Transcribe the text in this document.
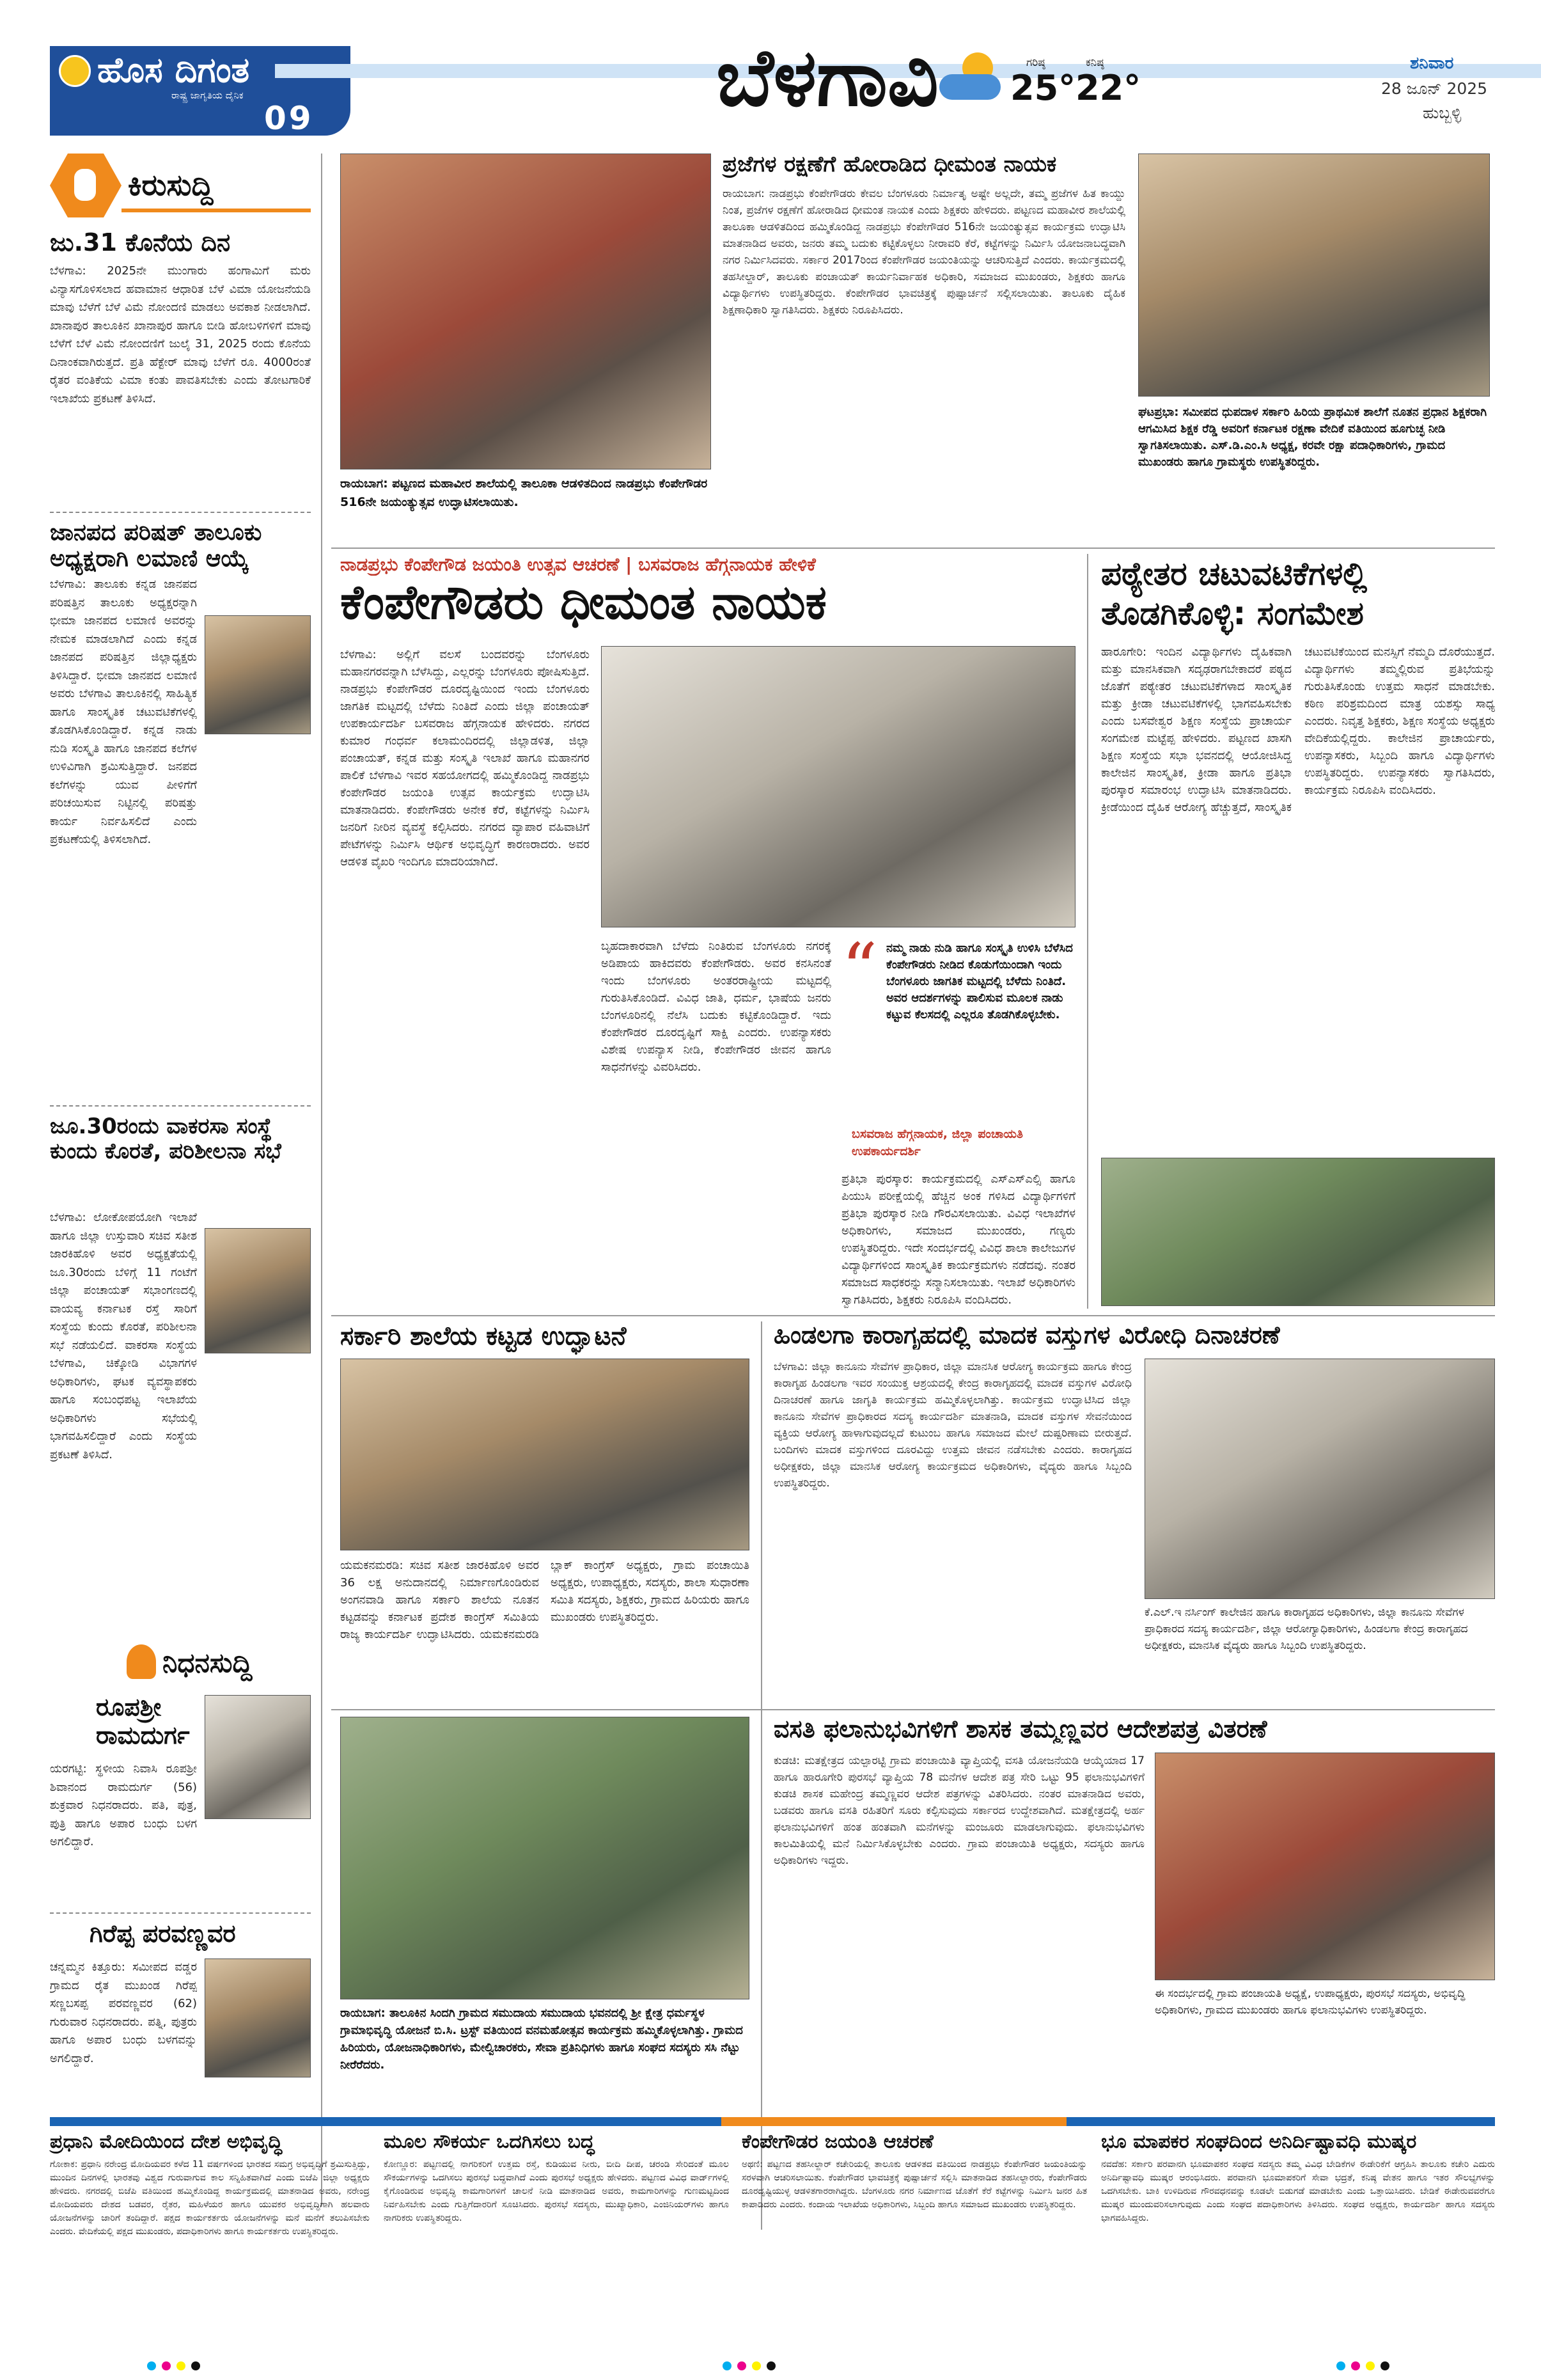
ಹೊಸ ದಿಗಂತ
ರಾಷ್ಟ್ರ ಜಾಗೃತಿಯ ದೈನಿಕ
09	ಬೆಳಗಾವಿ	ಗರಿಷ್ಠ
25°
ಕನಿಷ್ಠ
22°
ಶನಿವಾರ
28 ಜೂನ್ 2025
ಹುಬ್ಬಳ್ಳಿ
ಕಿರುಸುದ್ದಿ
ಜು.31 ಕೊನೆಯ ದಿನ
ಬೆಳಗಾವಿ: 2025ನೇ ಮುಂಗಾರು ಹಂಗಾಮಿಗೆ ಮರು ವಿನ್ಯಾಸಗೊಳಿಸಲಾದ ಹವಾಮಾನ ಆಧಾರಿತ ಬೆಳೆ ವಿಮಾ ಯೋಜನೆಯಡಿ ಮಾವು ಬೆಳೆಗೆ ಬೆಳೆ ವಿಮೆ ನೋಂದಣಿ ಮಾಡಲು ಅವಕಾಶ ನೀಡಲಾಗಿದೆ. ಖಾನಾಪುರ ತಾಲೂಕಿನ ಖಾನಾಪುರ ಹಾಗೂ ಬೀಡಿ ಹೋಬಳಿಗಳಿಗೆ ಮಾವು ಬೆಳೆಗೆ ಬೆಳೆ ವಿಮೆ ನೋಂದಣಿಗೆ ಜುಲೈ 31, 2025 ರಂದು ಕೊನೆಯ ದಿನಾಂಕವಾಗಿರುತ್ತದೆ. ಪ್ರತಿ ಹೆಕ್ಟೇರ್ ಮಾವು ಬೆಳೆಗೆ ರೂ. 4000ರಂತೆ ರೈತರ ವಂತಿಕೆಯ ವಿಮಾ ಕಂತು ಪಾವತಿಸಬೇಕು ಎಂದು ತೋಟಗಾರಿಕೆ ಇಲಾಖೆಯ ಪ್ರಕಟಣೆ ತಿಳಿಸಿದೆ.
ಜಾನಪದ ಪರಿಷತ್ ತಾಲೂಕು ಅಧ್ಯಕ್ಷರಾಗಿ ಲಮಾಣಿ ಆಯ್ಕೆ
ಬೆಳಗಾವಿ: ತಾಲೂಕು ಕನ್ನಡ ಜಾನಪದ ಪರಿಷತ್ತಿನ ತಾಲೂಕು ಅಧ್ಯಕ್ಷರನ್ನಾಗಿ ಭೀಮಾ ಜಾನಪದ ಲಮಾಣಿ ಅವರನ್ನು ನೇಮಕ ಮಾಡಲಾಗಿದೆ ಎಂದು ಕನ್ನಡ ಜಾನಪದ ಪರಿಷತ್ತಿನ ಜಿಲ್ಲಾಧ್ಯಕ್ಷರು ತಿಳಿಸಿದ್ದಾರೆ. ಭೀಮಾ ಜಾನಪದ ಲಮಾಣಿ ಅವರು ಬೆಳಗಾವಿ ತಾಲೂಕಿನಲ್ಲಿ ಸಾಹಿತ್ಯಿಕ ಹಾಗೂ ಸಾಂಸ್ಕೃತಿಕ ಚಟುವಟಿಕೆಗಳಲ್ಲಿ ತೊಡಗಿಸಿಕೊಂಡಿದ್ದಾರೆ. ಕನ್ನಡ ನಾಡು ನುಡಿ ಸಂಸ್ಕೃತಿ ಹಾಗೂ ಜಾನಪದ ಕಲೆಗಳ ಉಳಿವಿಗಾಗಿ ಶ್ರಮಿಸುತ್ತಿದ್ದಾರೆ. ಜನಪದ ಕಲೆಗಳನ್ನು ಯುವ ಪೀಳಿಗೆಗೆ ಪರಿಚಯಿಸುವ ನಿಟ್ಟಿನಲ್ಲಿ ಪರಿಷತ್ತು ಕಾರ್ಯ ನಿರ್ವಹಿಸಲಿದೆ ಎಂದು ಪ್ರಕಟಣೆಯಲ್ಲಿ ತಿಳಿಸಲಾಗಿದೆ.
ಜೂ.30ರಂದು ವಾಕರಸಾ ಸಂಸ್ಥೆ ಕುಂದು ಕೊರತೆ, ಪರಿಶೀಲನಾ ಸಭೆ
ಬೆಳಗಾವಿ: ಲೋಕೋಪಯೋಗಿ ಇಲಾಖೆ ಹಾಗೂ ಜಿಲ್ಲಾ ಉಸ್ತುವಾರಿ ಸಚಿವ ಸತೀಶ ಜಾರಕಿಹೊಳಿ ಅವರ ಅಧ್ಯಕ್ಷತೆಯಲ್ಲಿ ಜೂ.30ರಂದು ಬೆಳಿಗ್ಗೆ 11 ಗಂಟೆಗೆ ಜಿಲ್ಲಾ ಪಂಚಾಯತ್ ಸಭಾಂಗಣದಲ್ಲಿ ವಾಯವ್ಯ ಕರ್ನಾಟಕ ರಸ್ತೆ ಸಾರಿಗೆ ಸಂಸ್ಥೆಯ ಕುಂದು ಕೊರತೆ, ಪರಿಶೀಲನಾ ಸಭೆ ನಡೆಯಲಿದೆ. ವಾಕರಸಾ ಸಂಸ್ಥೆಯ ಬೆಳಗಾವಿ, ಚಿಕ್ಕೋಡಿ ವಿಭಾಗಗಳ ಅಧಿಕಾರಿಗಳು, ಘಟಕ ವ್ಯವಸ್ಥಾಪಕರು ಹಾಗೂ ಸಂಬಂಧಪಟ್ಟ ಇಲಾಖೆಯ ಅಧಿಕಾರಿಗಳು ಸಭೆಯಲ್ಲಿ ಭಾಗವಹಿಸಲಿದ್ದಾರೆ ಎಂದು ಸಂಸ್ಥೆಯ ಪ್ರಕಟಣೆ ತಿಳಿಸಿದೆ.
ನಿಧನಸುದ್ದಿ
ರೂಪಶ್ರೀ ರಾಮದುರ್ಗ
ಯರಗಟ್ಟಿ: ಸ್ಥಳೀಯ ನಿವಾಸಿ ರೂಪಶ್ರೀ ಶಿವಾನಂದ ರಾಮದುರ್ಗ (56) ಶುಕ್ರವಾರ ನಿಧನರಾದರು. ಪತಿ, ಪುತ್ರ, ಪುತ್ರಿ ಹಾಗೂ ಅಪಾರ ಬಂಧು ಬಳಗ ಅಗಲಿದ್ದಾರೆ.
ಗಿರೆಪ್ಪ ಪರವಣ್ಣವರ
ಚನ್ನಮ್ಮನ ಕಿತ್ತೂರು: ಸಮೀಪದ ವಡ್ಡರ ಗ್ರಾಮದ ರೈತ ಮುಖಂಡ ಗಿರೆಪ್ಪ ಸಣ್ಣಬಸಪ್ಪ ಪರವಣ್ಣವರ (62) ಗುರುವಾರ ನಿಧನರಾದರು. ಪತ್ನಿ, ಪುತ್ರರು ಹಾಗೂ ಅಪಾರ ಬಂಧು ಬಳಗವನ್ನು ಅಗಲಿದ್ದಾರೆ.
ರಾಯಬಾಗ: ಪಟ್ಟಣದ ಮಹಾವೀರ ಶಾಲೆಯಲ್ಲಿ ತಾಲೂಕಾ ಆಡಳಿತದಿಂದ ನಾಡಪ್ರಭು ಕೆಂಪೇಗೌಡರ 516ನೇ ಜಯಂತ್ಯುತ್ಸವ ಉದ್ಘಾಟಿಸಲಾಯಿತು.
ಪ್ರಜೆಗಳ ರಕ್ಷಣೆಗೆ ಹೋರಾಡಿದ ಧೀಮಂತ ನಾಯಕ
ರಾಯಬಾಗ: ನಾಡಪ್ರಭು ಕೆಂಪೇಗೌಡರು ಕೇವಲ ಬೆಂಗಳೂರು ನಿರ್ಮಾತೃ ಅಷ್ಟೇ ಅಲ್ಲದೇ, ತಮ್ಮ ಪ್ರಜೆಗಳ ಹಿತ ಕಾಯ್ದು ನಿಂತ, ಪ್ರಜೆಗಳ ರಕ್ಷಣೆಗೆ ಹೋರಾಡಿದ ಧೀಮಂತ ನಾಯಕ ಎಂದು ಶಿಕ್ಷಕರು ಹೇಳಿದರು. ಪಟ್ಟಣದ ಮಹಾವೀರ ಶಾಲೆಯಲ್ಲಿ ತಾಲೂಕಾ ಆಡಳಿತದಿಂದ ಹಮ್ಮಿಕೊಂಡಿದ್ದ ನಾಡಪ್ರಭು ಕೆಂಪೇಗೌಡರ 516ನೇ ಜಯಂತ್ಯುತ್ಸವ ಕಾರ್ಯಕ್ರಮ ಉದ್ಘಾಟಿಸಿ ಮಾತನಾಡಿದ ಅವರು, ಜನರು ತಮ್ಮ ಬದುಕು ಕಟ್ಟಿಕೊಳ್ಳಲು ನೀರಾವರಿ ಕೆರೆ, ಕಟ್ಟೆಗಳನ್ನು ನಿರ್ಮಿಸಿ ಯೋಜನಾಬದ್ಧವಾಗಿ ನಗರ ನಿರ್ಮಿಸಿದವರು. ಸರ್ಕಾರ 2017ರಿಂದ ಕೆಂಪೇಗೌಡರ ಜಯಂತಿಯನ್ನು ಆಚರಿಸುತ್ತಿದೆ ಎಂದರು. ಕಾರ್ಯಕ್ರಮದಲ್ಲಿ ತಹಸೀಲ್ದಾರ್, ತಾಲೂಕು ಪಂಚಾಯತ್ ಕಾರ್ಯನಿರ್ವಾಹಕ ಅಧಿಕಾರಿ, ಸಮಾಜದ ಮುಖಂಡರು, ಶಿಕ್ಷಕರು ಹಾಗೂ ವಿದ್ಯಾರ್ಥಿಗಳು ಉಪಸ್ಥಿತರಿದ್ದರು. ಕೆಂಪೇಗೌಡರ ಭಾವಚಿತ್ರಕ್ಕೆ ಪುಷ್ಪಾರ್ಚನೆ ಸಲ್ಲಿಸಲಾಯಿತು. ತಾಲೂಕು ದೈಹಿಕ ಶಿಕ್ಷಣಾಧಿಕಾರಿ ಸ್ವಾಗತಿಸಿದರು. ಶಿಕ್ಷಕರು ನಿರೂಪಿಸಿದರು.
ಘಟಪ್ರಭಾ: ಸಮೀಪದ ಧುಪದಾಳ ಸರ್ಕಾರಿ ಹಿರಿಯ ಪ್ರಾಥಮಿಕ ಶಾಲೆಗೆ ನೂತನ ಪ್ರಧಾನ ಶಿಕ್ಷಕರಾಗಿ ಆಗಮಿಸಿದ ಶಿಕ್ಷಕ ರೆಡ್ಡಿ ಅವರಿಗೆ ಕರ್ನಾಟಕ ರಕ್ಷಣಾ ವೇದಿಕೆ ವತಿಯಿಂದ ಹೂಗುಚ್ಛ ನೀಡಿ ಸ್ವಾಗತಿಸಲಾಯಿತು. ಎಸ್.ಡಿ.ಎಂ.ಸಿ ಅಧ್ಯಕ್ಷ, ಕರವೇ ರಕ್ಷಾ ಪದಾಧಿಕಾರಿಗಳು, ಗ್ರಾಮದ ಮುಖಂಡರು ಹಾಗೂ ಗ್ರಾಮಸ್ಥರು ಉಪಸ್ಥಿತರಿದ್ದರು.
ನಾಡಪ್ರಭು ಕೆಂಪೇಗೌಡ ಜಯಂತಿ ಉತ್ಸವ ಆಚರಣೆ | ಬಸವರಾಜ ಹೆಗ್ಗನಾಯಕ ಹೇಳಿಕೆ
ಕೆಂಪೇಗೌಡರು ಧೀಮಂತ ನಾಯಕ
ಬೆಳಗಾವಿ: ಅಲ್ಲಿಗೆ ವಲಸೆ ಬಂದವರನ್ನು ಬೆಂಗಳೂರು ಮಹಾನಗರವನ್ನಾಗಿ ಬೆಳೆಸಿದ್ದು, ಎಲ್ಲರನ್ನು ಬೆಂಗಳೂರು ಪೋಷಿಸುತ್ತಿದೆ. ನಾಡಪ್ರಭು ಕೆಂಪೇಗೌಡರ ದೂರದೃಷ್ಟಿಯಿಂದ ಇಂದು ಬೆಂಗಳೂರು ಜಾಗತಿಕ ಮಟ್ಟದಲ್ಲಿ ಬೆಳೆದು ನಿಂತಿದೆ ಎಂದು ಜಿಲ್ಲಾ ಪಂಚಾಯತ್ ಉಪಕಾರ್ಯದರ್ಶಿ ಬಸವರಾಜ ಹೆಗ್ಗನಾಯಕ ಹೇಳಿದರು. ನಗರದ ಕುಮಾರ ಗಂಧರ್ವ ಕಲಾಮಂದಿರದಲ್ಲಿ ಜಿಲ್ಲಾಡಳಿತ, ಜಿಲ್ಲಾ ಪಂಚಾಯತ್, ಕನ್ನಡ ಮತ್ತು ಸಂಸ್ಕೃತಿ ಇಲಾಖೆ ಹಾಗೂ ಮಹಾನಗರ ಪಾಲಿಕೆ ಬೆಳಗಾವಿ ಇವರ ಸಹಯೋಗದಲ್ಲಿ ಹಮ್ಮಿಕೊಂಡಿದ್ದ ನಾಡಪ್ರಭು ಕೆಂಪೇಗೌಡರ ಜಯಂತಿ ಉತ್ಸವ ಕಾರ್ಯಕ್ರಮ ಉದ್ಘಾಟಿಸಿ ಮಾತನಾಡಿದರು. ಕೆಂಪೇಗೌಡರು ಅನೇಕ ಕೆರೆ, ಕಟ್ಟೆಗಳನ್ನು ನಿರ್ಮಿಸಿ ಜನರಿಗೆ ನೀರಿನ ವ್ಯವಸ್ಥೆ ಕಲ್ಪಿಸಿದರು. ನಗರದ ವ್ಯಾಪಾರ ವಹಿವಾಟಿಗೆ ಪೇಟೆಗಳನ್ನು ನಿರ್ಮಿಸಿ ಆರ್ಥಿಕ ಅಭಿವೃದ್ಧಿಗೆ ಕಾರಣರಾದರು. ಅವರ ಆಡಳಿತ ವೈಖರಿ ಇಂದಿಗೂ ಮಾದರಿಯಾಗಿದೆ.
ಬೃಹದಾಕಾರವಾಗಿ ಬೆಳೆದು ನಿಂತಿರುವ ಬೆಂಗಳೂರು ನಗರಕ್ಕೆ ಅಡಿಪಾಯ ಹಾಕಿದವರು ಕೆಂಪೇಗೌಡರು. ಅವರ ಕನಸಿನಂತೆ ಇಂದು ಬೆಂಗಳೂರು ಅಂತರರಾಷ್ಟ್ರೀಯ ಮಟ್ಟದಲ್ಲಿ ಗುರುತಿಸಿಕೊಂಡಿದೆ. ವಿವಿಧ ಜಾತಿ, ಧರ್ಮ, ಭಾಷೆಯ ಜನರು ಬೆಂಗಳೂರಿನಲ್ಲಿ ನೆಲೆಸಿ ಬದುಕು ಕಟ್ಟಿಕೊಂಡಿದ್ದಾರೆ. ಇದು ಕೆಂಪೇಗೌಡರ ದೂರದೃಷ್ಟಿಗೆ ಸಾಕ್ಷಿ ಎಂದರು. ಉಪನ್ಯಾಸಕರು ವಿಶೇಷ ಉಪನ್ಯಾಸ ನೀಡಿ, ಕೆಂಪೇಗೌಡರ ಜೀವನ ಹಾಗೂ ಸಾಧನೆಗಳನ್ನು ವಿವರಿಸಿದರು.
“ ನಮ್ಮ ನಾಡು ನುಡಿ ಹಾಗೂ ಸಂಸ್ಕೃತಿ ಉಳಿಸಿ ಬೆಳೆಸಿದ ಕೆಂಪೇಗೌಡರು ನೀಡಿದ ಕೊಡುಗೆಯಿಂದಾಗಿ ಇಂದು ಬೆಂಗಳೂರು ಜಾಗತಿಕ ಮಟ್ಟದಲ್ಲಿ ಬೆಳೆದು ನಿಂತಿದೆ. ಅವರ ಆದರ್ಶಗಳನ್ನು ಪಾಲಿಸುವ ಮೂಲಕ ನಾಡು ಕಟ್ಟುವ ಕೆಲಸದಲ್ಲಿ ಎಲ್ಲರೂ ತೊಡಗಿಕೊಳ್ಳಬೇಕು.
ಬಸವರಾಜ ಹೆಗ್ಗನಾಯಕ, ಜಿಲ್ಲಾ ಪಂಚಾಯತಿ ಉಪಕಾರ್ಯದರ್ಶಿ
ಪ್ರತಿಭಾ ಪುರಸ್ಕಾರ: ಕಾರ್ಯಕ್ರಮದಲ್ಲಿ ಎಸ್ಎಸ್ಎಲ್ಸಿ ಹಾಗೂ ಪಿಯುಸಿ ಪರೀಕ್ಷೆಯಲ್ಲಿ ಹೆಚ್ಚಿನ ಅಂಕ ಗಳಿಸಿದ ವಿದ್ಯಾರ್ಥಿಗಳಿಗೆ ಪ್ರತಿಭಾ ಪುರಸ್ಕಾರ ನೀಡಿ ಗೌರವಿಸಲಾಯಿತು. ವಿವಿಧ ಇಲಾಖೆಗಳ ಅಧಿಕಾರಿಗಳು, ಸಮಾಜದ ಮುಖಂಡರು, ಗಣ್ಯರು ಉಪಸ್ಥಿತರಿದ್ದರು. ಇದೇ ಸಂದರ್ಭದಲ್ಲಿ ವಿವಿಧ ಶಾಲಾ ಕಾಲೇಜುಗಳ ವಿದ್ಯಾರ್ಥಿಗಳಿಂದ ಸಾಂಸ್ಕೃತಿಕ ಕಾರ್ಯಕ್ರಮಗಳು ನಡೆದವು. ನಂತರ ಸಮಾಜದ ಸಾಧಕರನ್ನು ಸನ್ಮಾನಿಸಲಾಯಿತು. ಇಲಾಖೆ ಅಧಿಕಾರಿಗಳು ಸ್ವಾಗತಿಸಿದರು, ಶಿಕ್ಷಕರು ನಿರೂಪಿಸಿ ವಂದಿಸಿದರು.
ಪಠ್ಯೇತರ ಚಟುವಟಿಕೆಗಳಲ್ಲಿ ತೊಡಗಿಕೊಳ್ಳಿ: ಸಂಗಮೇಶ
ಹಾರೂಗೇರಿ: ಇಂದಿನ ವಿದ್ಯಾರ್ಥಿಗಳು ದೈಹಿಕವಾಗಿ ಮತ್ತು ಮಾನಸಿಕವಾಗಿ ಸದೃಢರಾಗಬೇಕಾದರೆ ಪಠ್ಯದ ಜೊತೆಗೆ ಪಠ್ಯೇತರ ಚಟುವಟಿಕೆಗಳಾದ ಸಾಂಸ್ಕೃತಿಕ ಮತ್ತು ಕ್ರೀಡಾ ಚಟುವಟಿಕೆಗಳಲ್ಲಿ ಭಾಗವಹಿಸಬೇಕು ಎಂದು ಬಸವೇಶ್ವರ ಶಿಕ್ಷಣ ಸಂಸ್ಥೆಯ ಪ್ರಾಚಾರ್ಯ ಸಂಗಮೇಶ ಮಟ್ಟೆಪ್ಪ ಹೇಳಿದರು. ಪಟ್ಟಣದ ಖಾಸಗಿ ಶಿಕ್ಷಣ ಸಂಸ್ಥೆಯ ಸಭಾ ಭವನದಲ್ಲಿ ಆಯೋಜಿಸಿದ್ದ ಕಾಲೇಜಿನ ಸಾಂಸ್ಕೃತಿಕ, ಕ್ರೀಡಾ ಹಾಗೂ ಪ್ರತಿಭಾ ಪುರಸ್ಕಾರ ಸಮಾರಂಭ ಉದ್ಘಾಟಿಸಿ ಮಾತನಾಡಿದರು. ಕ್ರೀಡೆಯಿಂದ ದೈಹಿಕ ಆರೋಗ್ಯ ಹೆಚ್ಚುತ್ತದೆ, ಸಾಂಸ್ಕೃತಿಕ ಚಟುವಟಿಕೆಯಿಂದ ಮನಸ್ಸಿಗೆ ನೆಮ್ಮದಿ ದೊರೆಯುತ್ತದೆ. ವಿದ್ಯಾರ್ಥಿಗಳು ತಮ್ಮಲ್ಲಿರುವ ಪ್ರತಿಭೆಯನ್ನು ಗುರುತಿಸಿಕೊಂಡು ಉತ್ತಮ ಸಾಧನೆ ಮಾಡಬೇಕು. ಕಠಿಣ ಪರಿಶ್ರಮದಿಂದ ಮಾತ್ರ ಯಶಸ್ಸು ಸಾಧ್ಯ ಎಂದರು. ನಿವೃತ್ತ ಶಿಕ್ಷಕರು, ಶಿಕ್ಷಣ ಸಂಸ್ಥೆಯ ಅಧ್ಯಕ್ಷರು ವೇದಿಕೆಯಲ್ಲಿದ್ದರು. ಕಾಲೇಜಿನ ಪ್ರಾಚಾರ್ಯರು, ಉಪನ್ಯಾಸಕರು, ಸಿಬ್ಬಂದಿ ಹಾಗೂ ವಿದ್ಯಾರ್ಥಿಗಳು ಉಪಸ್ಥಿತರಿದ್ದರು. ಉಪನ್ಯಾಸಕರು ಸ್ವಾಗತಿಸಿದರು, ಕಾರ್ಯಕ್ರಮ ನಿರೂಪಿಸಿ ವಂದಿಸಿದರು.
ಸರ್ಕಾರಿ ಶಾಲೆಯ ಕಟ್ಟಡ ಉದ್ಘಾಟನೆ
ಯಮಕನಮರಡಿ: ಸಚಿವ ಸತೀಶ ಜಾರಕಿಹೊಳಿ ಅವರ 36 ಲಕ್ಷ ಅನುದಾನದಲ್ಲಿ ನಿರ್ಮಾಣಗೊಂಡಿರುವ ಅಂಗನವಾಡಿ ಹಾಗೂ ಸರ್ಕಾರಿ ಶಾಲೆಯ ನೂತನ ಕಟ್ಟಡವನ್ನು ಕರ್ನಾಟಕ ಪ್ರದೇಶ ಕಾಂಗ್ರೆಸ್ ಸಮಿತಿಯ ರಾಜ್ಯ ಕಾರ್ಯದರ್ಶಿ ಉದ್ಘಾಟಿಸಿದರು. ಯಮಕನಮರಡಿ ಬ್ಲಾಕ್ ಕಾಂಗ್ರೆಸ್ ಅಧ್ಯಕ್ಷರು, ಗ್ರಾಮ ಪಂಚಾಯಿತಿ ಅಧ್ಯಕ್ಷರು, ಉಪಾಧ್ಯಕ್ಷರು, ಸದಸ್ಯರು, ಶಾಲಾ ಸುಧಾರಣಾ ಸಮಿತಿ ಸದಸ್ಯರು, ಶಿಕ್ಷಕರು, ಗ್ರಾಮದ ಹಿರಿಯರು ಹಾಗೂ ಮುಖಂಡರು ಉಪಸ್ಥಿತರಿದ್ದರು.
ಹಿಂಡಲಗಾ ಕಾರಾಗೃಹದಲ್ಲಿ ಮಾದಕ ವಸ್ತುಗಳ ವಿರೋಧಿ ದಿನಾಚರಣೆ
ಬೆಳಗಾವಿ: ಜಿಲ್ಲಾ ಕಾನೂನು ಸೇವೆಗಳ ಪ್ರಾಧಿಕಾರ, ಜಿಲ್ಲಾ ಮಾನಸಿಕ ಆರೋಗ್ಯ ಕಾರ್ಯಕ್ರಮ ಹಾಗೂ ಕೇಂದ್ರ ಕಾರಾಗೃಹ ಹಿಂಡಲಗಾ ಇವರ ಸಂಯುಕ್ತ ಆಶ್ರಯದಲ್ಲಿ ಕೇಂದ್ರ ಕಾರಾಗೃಹದಲ್ಲಿ ಮಾದಕ ವಸ್ತುಗಳ ವಿರೋಧಿ ದಿನಾಚರಣೆ ಹಾಗೂ ಜಾಗೃತಿ ಕಾರ್ಯಕ್ರಮ ಹಮ್ಮಿಕೊಳ್ಳಲಾಗಿತ್ತು. ಕಾರ್ಯಕ್ರಮ ಉದ್ಘಾಟಿಸಿದ ಜಿಲ್ಲಾ ಕಾನೂನು ಸೇವೆಗಳ ಪ್ರಾಧಿಕಾರದ ಸದಸ್ಯ ಕಾರ್ಯದರ್ಶಿ ಮಾತನಾಡಿ, ಮಾದಕ ವಸ್ತುಗಳ ಸೇವನೆಯಿಂದ ವ್ಯಕ್ತಿಯ ಆರೋಗ್ಯ ಹಾಳಾಗುವುದಲ್ಲದೆ ಕುಟುಂಬ ಹಾಗೂ ಸಮಾಜದ ಮೇಲೆ ದುಷ್ಪರಿಣಾಮ ಬೀರುತ್ತದೆ. ಬಂದಿಗಳು ಮಾದಕ ವಸ್ತುಗಳಿಂದ ದೂರವಿದ್ದು ಉತ್ತಮ ಜೀವನ ನಡೆಸಬೇಕು ಎಂದರು. ಕಾರಾಗೃಹದ ಅಧೀಕ್ಷಕರು, ಜಿಲ್ಲಾ ಮಾನಸಿಕ ಆರೋಗ್ಯ ಕಾರ್ಯಕ್ರಮದ ಅಧಿಕಾರಿಗಳು, ವೈದ್ಯರು ಹಾಗೂ ಸಿಬ್ಬಂದಿ ಉಪಸ್ಥಿತರಿದ್ದರು.
ಕೆ.ಎಲ್.ಇ ನರ್ಸಿಂಗ್ ಕಾಲೇಜಿನ ಹಾಗೂ ಕಾರಾಗೃಹದ ಅಧಿಕಾರಿಗಳು, ಜಿಲ್ಲಾ ಕಾನೂನು ಸೇವೆಗಳ ಪ್ರಾಧಿಕಾರದ ಸದಸ್ಯ ಕಾರ್ಯದರ್ಶಿ, ಜಿಲ್ಲಾ ಆರೋಗ್ಯಾಧಿಕಾರಿಗಳು, ಹಿಂಡಲಗಾ ಕೇಂದ್ರ ಕಾರಾಗೃಹದ ಅಧೀಕ್ಷಕರು, ಮಾನಸಿಕ ವೈದ್ಯರು ಹಾಗೂ ಸಿಬ್ಬಂದಿ ಉಪಸ್ಥಿತರಿದ್ದರು.
ರಾಯಬಾಗ: ತಾಲೂಕಿನ ಸಿಂದಗಿ ಗ್ರಾಮದ ಸಮುದಾಯ ಸಮುದಾಯ ಭವನದಲ್ಲಿ ಶ್ರೀ ಕ್ಷೇತ್ರ ಧರ್ಮಸ್ಥಳ ಗ್ರಾಮಾಭಿವೃದ್ಧಿ ಯೋಜನೆ ಬಿ.ಸಿ. ಟ್ರಸ್ಟ್ ವತಿಯಿಂದ ವನಮಹೋತ್ಸವ ಕಾರ್ಯಕ್ರಮ ಹಮ್ಮಿಕೊಳ್ಳಲಾಗಿತ್ತು. ಗ್ರಾಮದ ಹಿರಿಯರು, ಯೋಜನಾಧಿಕಾರಿಗಳು, ಮೇಲ್ವಿಚಾರಕರು, ಸೇವಾ ಪ್ರತಿನಿಧಿಗಳು ಹಾಗೂ ಸಂಘದ ಸದಸ್ಯರು ಸಸಿ ನೆಟ್ಟು ನೀರೆರೆದರು.
ವಸತಿ ಫಲಾನುಭವಿಗಳಿಗೆ ಶಾಸಕ ತಮ್ಮಣ್ಣವರ ಆದೇಶಪತ್ರ ವಿತರಣೆ
ಕುಡಚಿ: ಮತಕ್ಷೇತ್ರದ ಯಲ್ಪಾರಟ್ಟಿ ಗ್ರಾಮ ಪಂಚಾಯಿತಿ ವ್ಯಾಪ್ತಿಯಲ್ಲಿ ವಸತಿ ಯೋಜನೆಯಡಿ ಆಯ್ಕೆಯಾದ 17 ಹಾಗೂ ಹಾರೂಗೇರಿ ಪುರಸಭೆ ವ್ಯಾಪ್ತಿಯ 78 ಮನೆಗಳ ಆದೇಶ ಪತ್ರ ಸೇರಿ ಒಟ್ಟು 95 ಫಲಾನುಭವಿಗಳಿಗೆ ಕುಡಚಿ ಶಾಸಕ ಮಹೇಂದ್ರ ತಮ್ಮಣ್ಣವರ ಆದೇಶ ಪತ್ರಗಳನ್ನು ವಿತರಿಸಿದರು. ನಂತರ ಮಾತನಾಡಿದ ಅವರು, ಬಡವರು ಹಾಗೂ ವಸತಿ ರಹಿತರಿಗೆ ಸೂರು ಕಲ್ಪಿಸುವುದು ಸರ್ಕಾರದ ಉದ್ದೇಶವಾಗಿದೆ. ಮತಕ್ಷೇತ್ರದಲ್ಲಿ ಅರ್ಹ ಫಲಾನುಭವಿಗಳಿಗೆ ಹಂತ ಹಂತವಾಗಿ ಮನೆಗಳನ್ನು ಮಂಜೂರು ಮಾಡಲಾಗುವುದು. ಫಲಾನುಭವಿಗಳು ಕಾಲಮಿತಿಯಲ್ಲಿ ಮನೆ ನಿರ್ಮಿಸಿಕೊಳ್ಳಬೇಕು ಎಂದರು. ಗ್ರಾಮ ಪಂಚಾಯಿತಿ ಅಧ್ಯಕ್ಷರು, ಸದಸ್ಯರು ಹಾಗೂ ಅಧಿಕಾರಿಗಳು ಇದ್ದರು.
ಈ ಸಂದರ್ಭದಲ್ಲಿ ಗ್ರಾಮ ಪಂಚಾಯತಿ ಅಧ್ಯಕ್ಷೆ, ಉಪಾಧ್ಯಕ್ಷರು, ಪುರಸಭೆ ಸದಸ್ಯರು, ಅಭಿವೃದ್ಧಿ ಅಧಿಕಾರಿಗಳು, ಗ್ರಾಮದ ಮುಖಂಡರು ಹಾಗೂ ಫಲಾನುಭವಿಗಳು ಉಪಸ್ಥಿತರಿದ್ದರು.
ಪ್ರಧಾನಿ ಮೋದಿಯಿಂದ ದೇಶ ಅಭಿವೃದ್ಧಿ
ಗೋಕಾಕ: ಪ್ರಧಾನಿ ನರೇಂದ್ರ ಮೋದಿಯವರ ಕಳೆದ 11 ವರ್ಷಗಳಿಂದ ಭಾರತದ ಸಮಗ್ರ ಅಭಿವೃದ್ಧಿಗೆ ಶ್ರಮಿಸುತ್ತಿದ್ದು, ಮುಂದಿನ ದಿನಗಳಲ್ಲಿ ಭಾರತವು ವಿಶ್ವದ ಗುರುವಾಗುವ ಕಾಲ ಸನ್ನಿಹಿತವಾಗಿದೆ ಎಂದು ಬಿಜೆಪಿ ಜಿಲ್ಲಾ ಅಧ್ಯಕ್ಷರು ಹೇಳಿದರು. ನಗರದಲ್ಲಿ ಬಿಜೆಪಿ ವತಿಯಿಂದ ಹಮ್ಮಿಕೊಂಡಿದ್ದ ಕಾರ್ಯಕ್ರಮದಲ್ಲಿ ಮಾತನಾಡಿದ ಅವರು, ನರೇಂದ್ರ ಮೋದಿಯವರು ದೇಶದ ಬಡವರ, ರೈತರ, ಮಹಿಳೆಯರ ಹಾಗೂ ಯುವಕರ ಅಭಿವೃದ್ಧಿಗಾಗಿ ಹಲವಾರು ಯೋಜನೆಗಳನ್ನು ಜಾರಿಗೆ ತಂದಿದ್ದಾರೆ. ಪಕ್ಷದ ಕಾರ್ಯಕರ್ತರು ಯೋಜನೆಗಳನ್ನು ಮನೆ ಮನೆಗೆ ತಲುಪಿಸಬೇಕು ಎಂದರು. ವೇದಿಕೆಯಲ್ಲಿ ಪಕ್ಷದ ಮುಖಂಡರು, ಪದಾಧಿಕಾರಿಗಳು ಹಾಗೂ ಕಾರ್ಯಕರ್ತರು ಉಪಸ್ಥಿತರಿದ್ದರು.
ಮೂಲ ಸೌಕರ್ಯ ಒದಗಿಸಲು ಬದ್ಧ
ಕೋಣ್ಣೂರ: ಪಟ್ಟಣದಲ್ಲಿ ನಾಗರಿಕರಿಗೆ ಉತ್ತಮ ರಸ್ತೆ, ಕುಡಿಯುವ ನೀರು, ಬೀದಿ ದೀಪ, ಚರಂಡಿ ಸೇರಿದಂತೆ ಮೂಲ ಸೌಕರ್ಯಗಳನ್ನು ಒದಗಿಸಲು ಪುರಸಭೆ ಬದ್ಧವಾಗಿದೆ ಎಂದು ಪುರಸಭೆ ಅಧ್ಯಕ್ಷರು ಹೇಳಿದರು. ಪಟ್ಟಣದ ವಿವಿಧ ವಾರ್ಡ್‌ಗಳಲ್ಲಿ ಕೈಗೊಂಡಿರುವ ಅಭಿವೃದ್ಧಿ ಕಾಮಗಾರಿಗಳಿಗೆ ಚಾಲನೆ ನೀಡಿ ಮಾತನಾಡಿದ ಅವರು, ಕಾಮಗಾರಿಗಳನ್ನು ಗುಣಮಟ್ಟದಿಂದ ನಿರ್ವಹಿಸಬೇಕು ಎಂದು ಗುತ್ತಿಗೆದಾರರಿಗೆ ಸೂಚಿಸಿದರು. ಪುರಸಭೆ ಸದಸ್ಯರು, ಮುಖ್ಯಾಧಿಕಾರಿ, ಎಂಜಿನಿಯರ್‌ಗಳು ಹಾಗೂ ನಾಗರಿಕರು ಉಪಸ್ಥಿತರಿದ್ದರು.
ಕೆಂಪೇಗೌಡರ ಜಯಂತಿ ಆಚರಣೆ
ಅಥಣಿ: ಪಟ್ಟಣದ ತಹಸೀಲ್ದಾರ್ ಕಚೇರಿಯಲ್ಲಿ ತಾಲೂಕು ಆಡಳಿತದ ವತಿಯಿಂದ ನಾಡಪ್ರಭು ಕೆಂಪೇಗೌಡರ ಜಯಂತಿಯನ್ನು ಸರಳವಾಗಿ ಆಚರಿಸಲಾಯಿತು. ಕೆಂಪೇಗೌಡರ ಭಾವಚಿತ್ರಕ್ಕೆ ಪುಷ್ಪಾರ್ಚನೆ ಸಲ್ಲಿಸಿ ಮಾತನಾಡಿದ ತಹಸೀಲ್ದಾರರು, ಕೆಂಪೇಗೌಡರು ದೂರದೃಷ್ಟಿಯುಳ್ಳ ಆಡಳಿತಗಾರರಾಗಿದ್ದರು. ಬೆಂಗಳೂರು ನಗರ ನಿರ್ಮಾಣದ ಜೊತೆಗೆ ಕೆರೆ ಕಟ್ಟೆಗಳನ್ನು ನಿರ್ಮಿಸಿ ಜನರ ಹಿತ ಕಾಪಾಡಿದರು ಎಂದರು. ಕಂದಾಯ ಇಲಾಖೆಯ ಅಧಿಕಾರಿಗಳು, ಸಿಬ್ಬಂದಿ ಹಾಗೂ ಸಮಾಜದ ಮುಖಂಡರು ಉಪಸ್ಥಿತರಿದ್ದರು.
ಭೂ ಮಾಪಕರ ಸಂಘದಿಂದ ಅನಿರ್ದಿಷ್ಟಾವಧಿ ಮುಷ್ಕರ
ನವದೆಹ: ಸರ್ಕಾರಿ ಪರವಾನಗಿ ಭೂಮಾಪಕರ ಸಂಘದ ಸದಸ್ಯರು ತಮ್ಮ ವಿವಿಧ ಬೇಡಿಕೆಗಳ ಈಡೇರಿಕೆಗೆ ಆಗ್ರಹಿಸಿ ತಾಲೂಕು ಕಚೇರಿ ಎದುರು ಅನಿರ್ದಿಷ್ಟಾವಧಿ ಮುಷ್ಕರ ಆರಂಭಿಸಿದರು. ಪರವಾನಗಿ ಭೂಮಾಪಕರಿಗೆ ಸೇವಾ ಭದ್ರತೆ, ಕನಿಷ್ಠ ವೇತನ ಹಾಗೂ ಇತರ ಸೌಲಭ್ಯಗಳನ್ನು ಒದಗಿಸಬೇಕು. ಬಾಕಿ ಉಳಿದಿರುವ ಗೌರವಧನವನ್ನು ಕೂಡಲೇ ಬಿಡುಗಡೆ ಮಾಡಬೇಕು ಎಂದು ಒತ್ತಾಯಿಸಿದರು. ಬೇಡಿಕೆ ಈಡೇರುವವರೆಗೂ ಮುಷ್ಕರ ಮುಂದುವರಿಸಲಾಗುವುದು ಎಂದು ಸಂಘದ ಪದಾಧಿಕಾರಿಗಳು ತಿಳಿಸಿದರು. ಸಂಘದ ಅಧ್ಯಕ್ಷರು, ಕಾರ್ಯದರ್ಶಿ ಹಾಗೂ ಸದಸ್ಯರು ಭಾಗವಹಿಸಿದ್ದರು.
